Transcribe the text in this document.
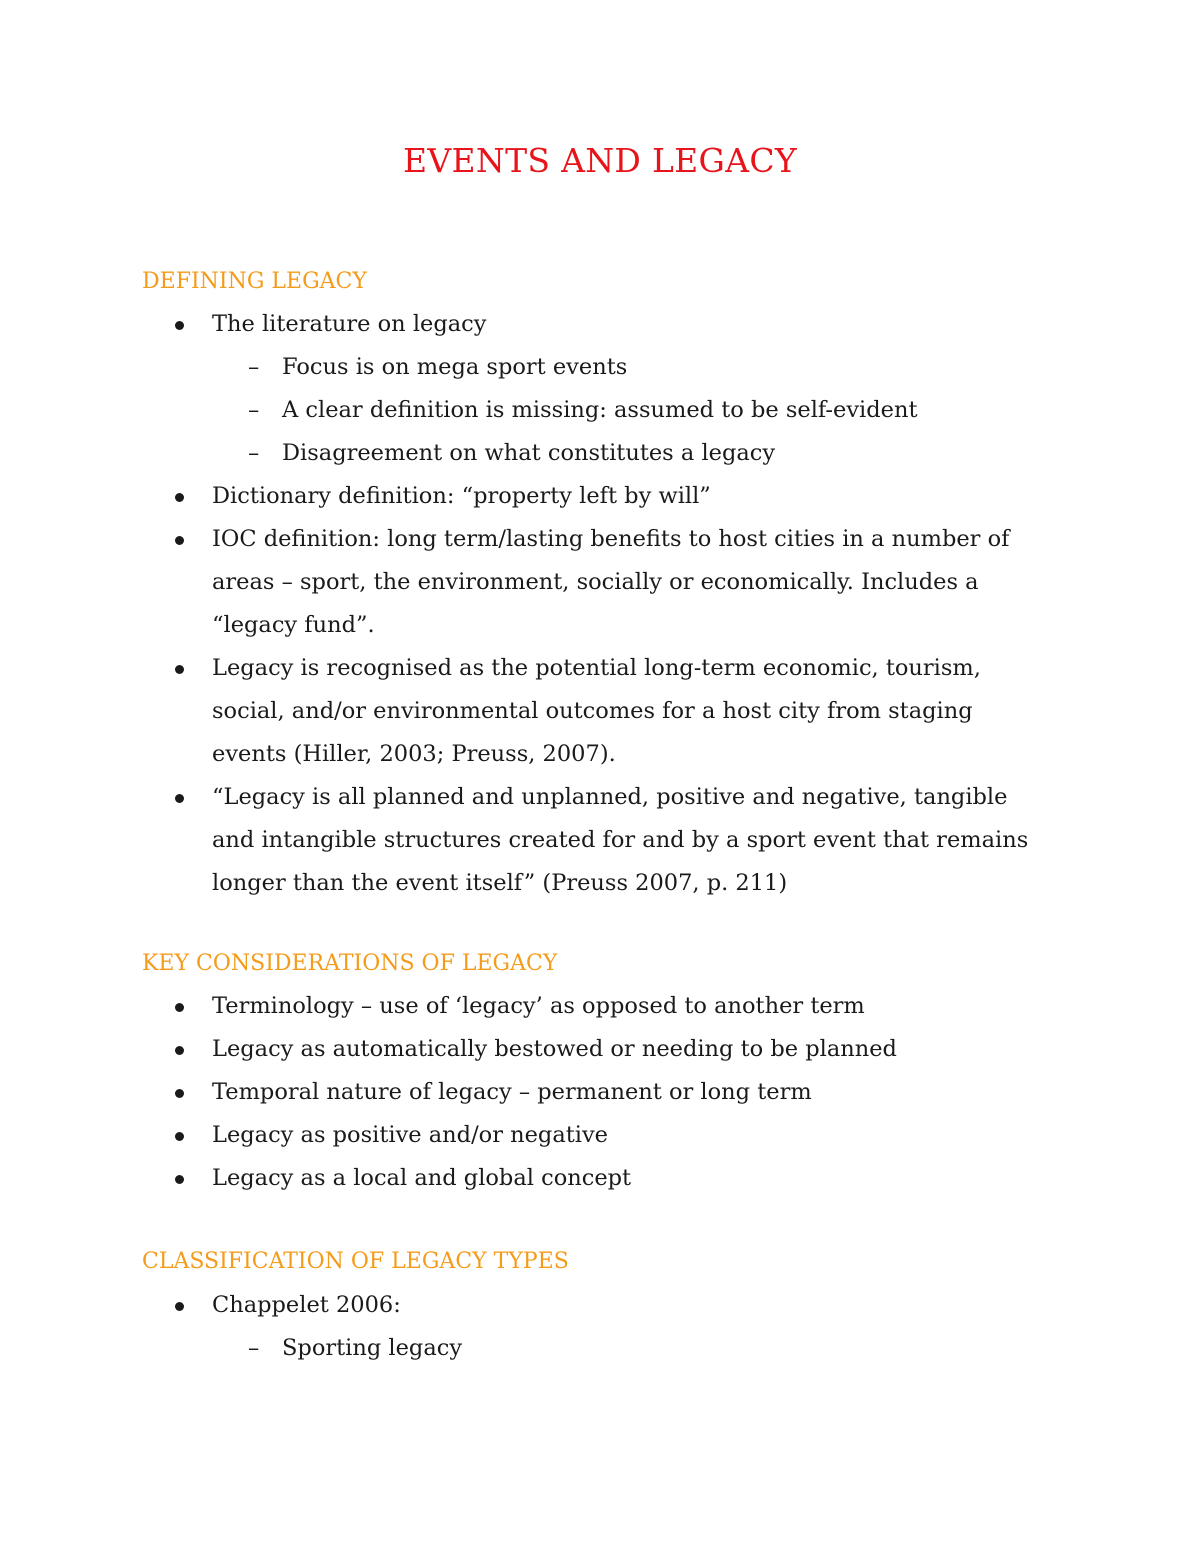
EVENTS AND LEGACY
DEFINING LEGACY
The literature on legacy
– Focus is on mega sport events
– A clear definition is missing: assumed to be self-evident
– Disagreement on what constitutes a legacy
Dictionary definition: “property left by will”
IOC definition: long term/lasting benefits to host cities in a number of
areas – sport, the environment, socially or economically. Includes a
“legacy fund”.
Legacy is recognised as the potential long-term economic, tourism,
social, and/or environmental outcomes for a host city from staging
events (Hiller, 2003; Preuss, 2007).
“Legacy is all planned and unplanned, positive and negative, tangible
and intangible structures created for and by a sport event that remains
longer than the event itself” (Preuss 2007, p. 211)
KEY CONSIDERATIONS OF LEGACY
Terminology – use of ‘legacy’ as opposed to another term
Legacy as automatically bestowed or needing to be planned
Temporal nature of legacy – permanent or long term
Legacy as positive and/or negative
Legacy as a local and global concept
CLASSIFICATION OF LEGACY TYPES
Chappelet 2006:
– Sporting legacy
